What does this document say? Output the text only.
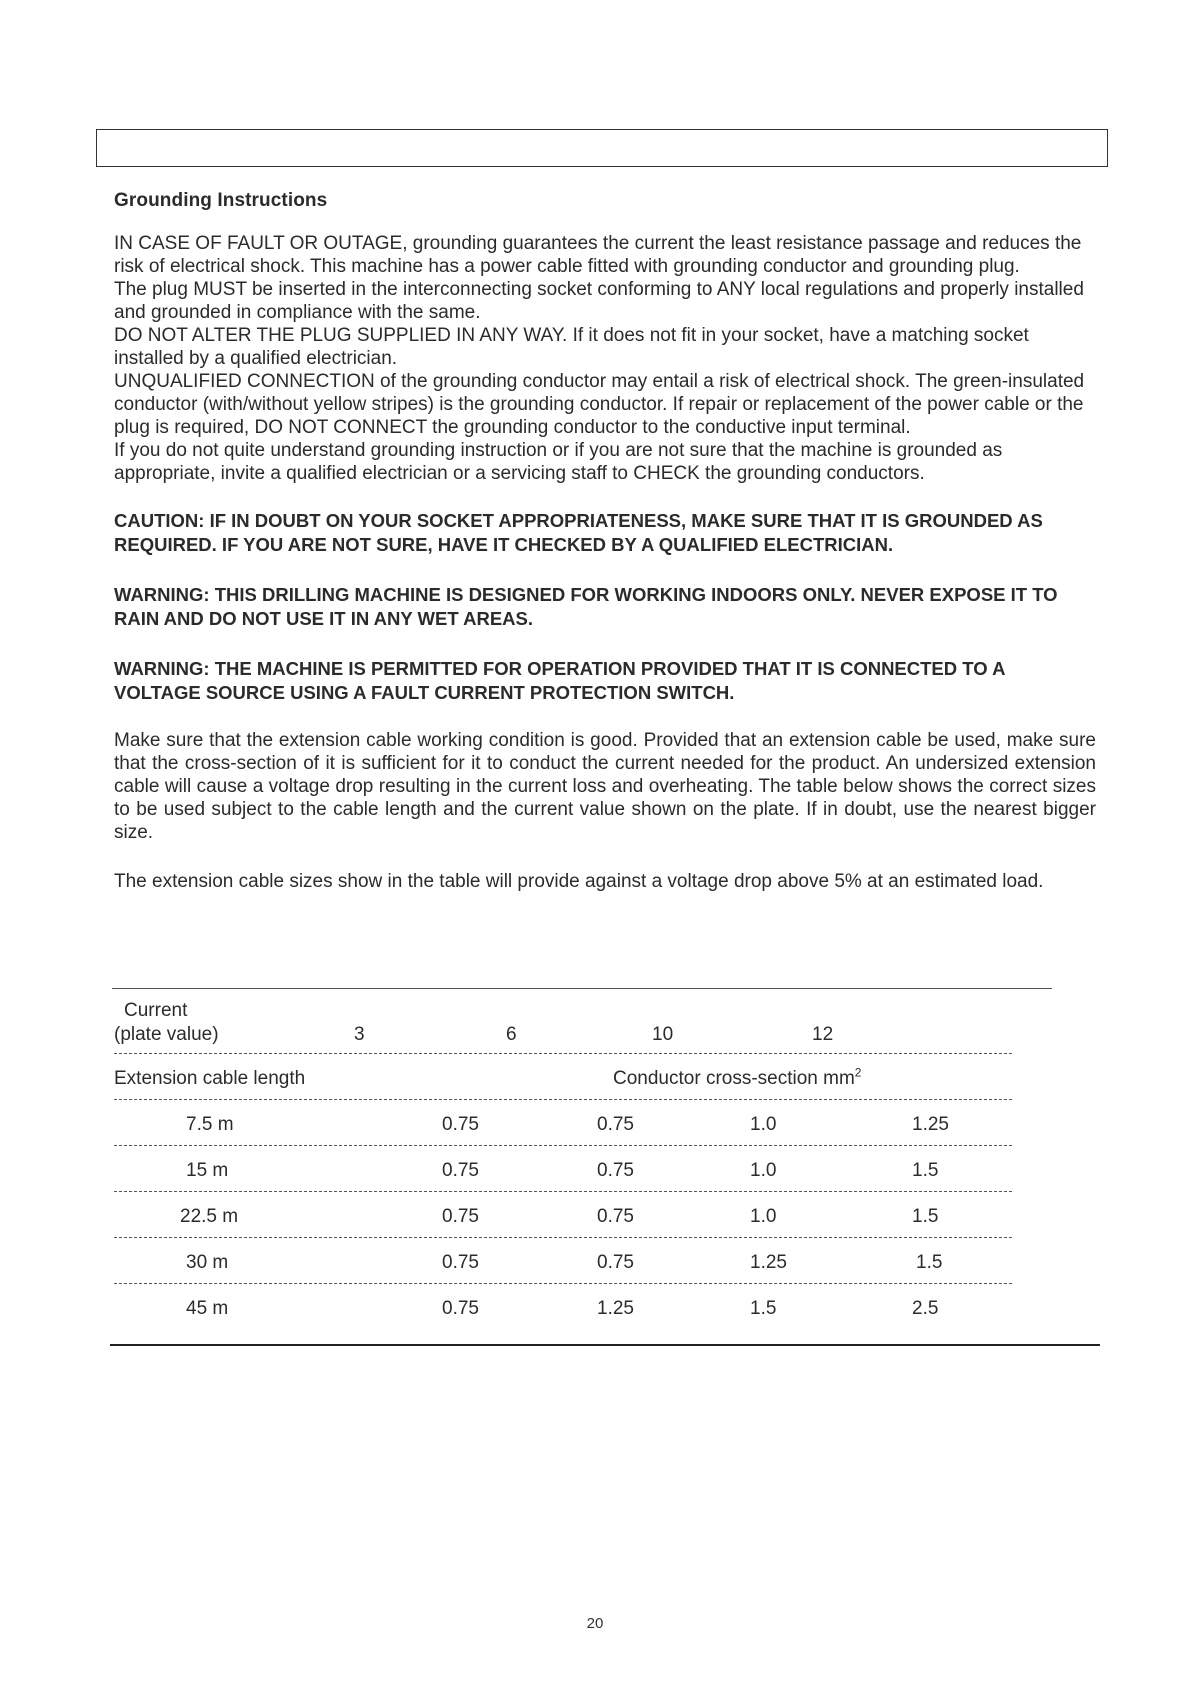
Grounding Instructions

IN CASE OF FAULT OR OUTAGE, grounding guarantees the current the least resistance passage and reduces the risk of electrical shock. This machine has a power cable fitted with grounding conductor and grounding plug.

The plug MUST be inserted in the interconnecting socket conforming to ANY local regulations and properly installed and grounded in compliance with the same.

DO NOT ALTER THE PLUG SUPPLIED IN ANY WAY. If it does not fit in your socket, have a matching socket installed by a qualified electrician.

UNQUALIFIED CONNECTION of the grounding conductor may entail a risk of electrical shock. The green-insulated conductor (with/without yellow stripes) is the grounding conductor. If repair or replacement of the power cable or the plug is required, DO NOT CONNECT the grounding conductor to the conductive input terminal.

If you do not quite understand grounding instruction or if you are not sure that the machine is grounded as appropriate, invite a qualified electrician or a servicing staff to CHECK the grounding conductors.

CAUTION: IF IN DOUBT ON YOUR SOCKET APPROPRIATENESS, MAKE SURE THAT IT IS GROUNDED AS REQUIRED. IF YOU ARE NOT SURE, HAVE IT CHECKED BY A QUALIFIED ELECTRICIAN.

WARNING: THIS DRILLING MACHINE IS DESIGNED FOR WORKING INDOORS ONLY. NEVER EXPOSE IT TO RAIN AND DO NOT USE IT IN ANY WET AREAS.

WARNING: THE MACHINE IS PERMITTED FOR OPERATION PROVIDED THAT IT IS CONNECTED TO A VOLTAGE SOURCE USING A FAULT CURRENT PROTECTION SWITCH.

Make sure that the extension cable working condition is good. Provided that an extension cable be used, make sure that the cross-section of it is sufficient for it to conduct the current needed for the product. An undersized extension cable will cause a voltage drop resulting in the current loss and overheating. The table below shows the correct sizes to be used subject to the cable length and the current value shown on the plate. If in doubt, use the nearest bigger size.

The extension cable sizes show in the table will provide against a voltage drop above 5% at an estimated load.

Current
(plate value)	3	6	10	12
Extension cable length	Conductor cross-section $mm^2$
7.5 m	0.75	0.75	1.0	1.25
15 m	0.75	0.75	1.0	1.5
22.5 m	0.75	0.75	1.0	1.5
30 m	0.75	0.75	1.25	1.5
45 m	0.75	1.25	1.5	2.5
20
